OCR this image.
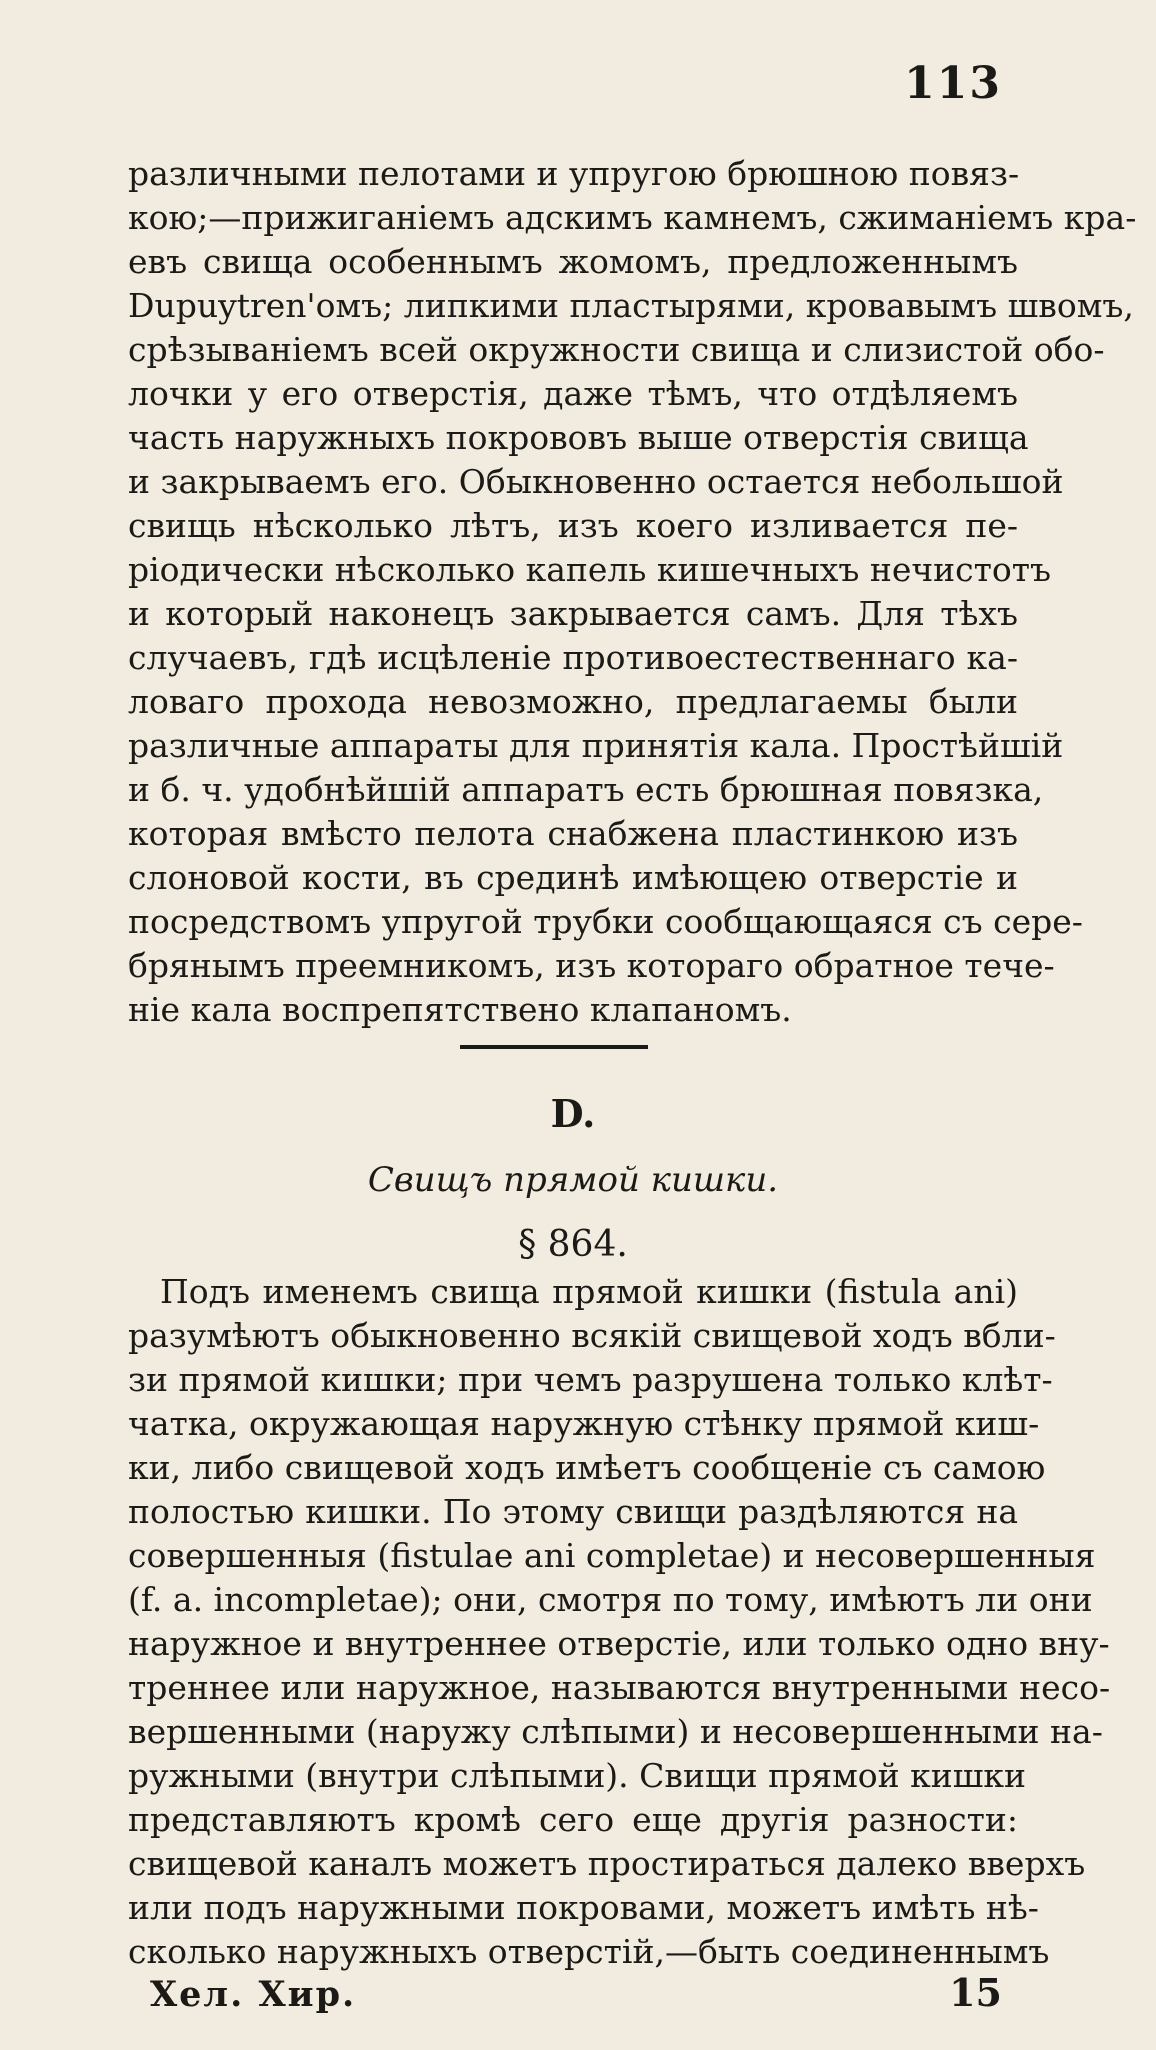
113
различными пелотами и упругою брюшною повяз-
кою;—прижиганіемъ адскимъ камнемъ, сжиманіемъ кра-
евъ свища особеннымъ жомомъ, предложеннымъ
Dupuytren'омъ; липкими пластырями, кровавымъ швомъ,
срѣзываніемъ всей окружности свища и слизистой обо-
лочки у его отверстія, даже тѣмъ, что отдѣляемъ
часть наружныхъ покрововъ выше отверстія свища
и закрываемъ его. Обыкновенно остается небольшой
свищь нѣсколько лѣтъ, изъ коего изливается пе-
ріодически нѣсколько капель кишечныхъ нечистотъ
и который наконецъ закрывается самъ. Для тѣхъ
случаевъ, гдѣ исцѣленіе противоестественнаго ка-
ловаго прохода невозможно, предлагаемы были
различные аппараты для принятія кала. Простѣйшій
и б. ч. удобнѣйшій аппаратъ есть брюшная повязка,
которая вмѣсто пелота снабжена пластинкою изъ
слоновой кости, въ срединѣ имѣющею отверстіе и
посредствомъ упругой трубки сообщающаяся съ сере-
брянымъ преемникомъ, изъ котораго обратное тече-
ніе кала воспрепятствено клапаномъ.
D.
Свищъ прямой кишки.
§ 864.
Подъ именемъ свища прямой кишки (fistula ani)
разумѣютъ обыкновенно всякій свищевой ходъ вбли-
зи прямой кишки; при чемъ разрушена только клѣт-
чатка, окружающая наружную стѣнку прямой киш-
ки, либо свищевой ходъ имѣетъ сообщеніе съ самою
полостью кишки. По этому свищи раздѣляются на
совершенныя (fistulae ani completae) и несовершенныя
(f. a. incompletae); они, смотря по тому, имѣютъ ли они
наружное и внутреннее отверстіе, или только одно вну-
треннее или наружное, называются внутренными несо-
вершенными (наружу слѣпыми) и несовершенными на-
ружными (внутри слѣпыми). Свищи прямой кишки
представляютъ кромѣ сего еще другія разности:
свищевой каналъ можетъ простираться далеко вверхъ
или подъ наружными покровами, можетъ имѣть нѣ-
сколько наружныхъ отверстій,—быть соединеннымъ
Хел. Хир.	15
